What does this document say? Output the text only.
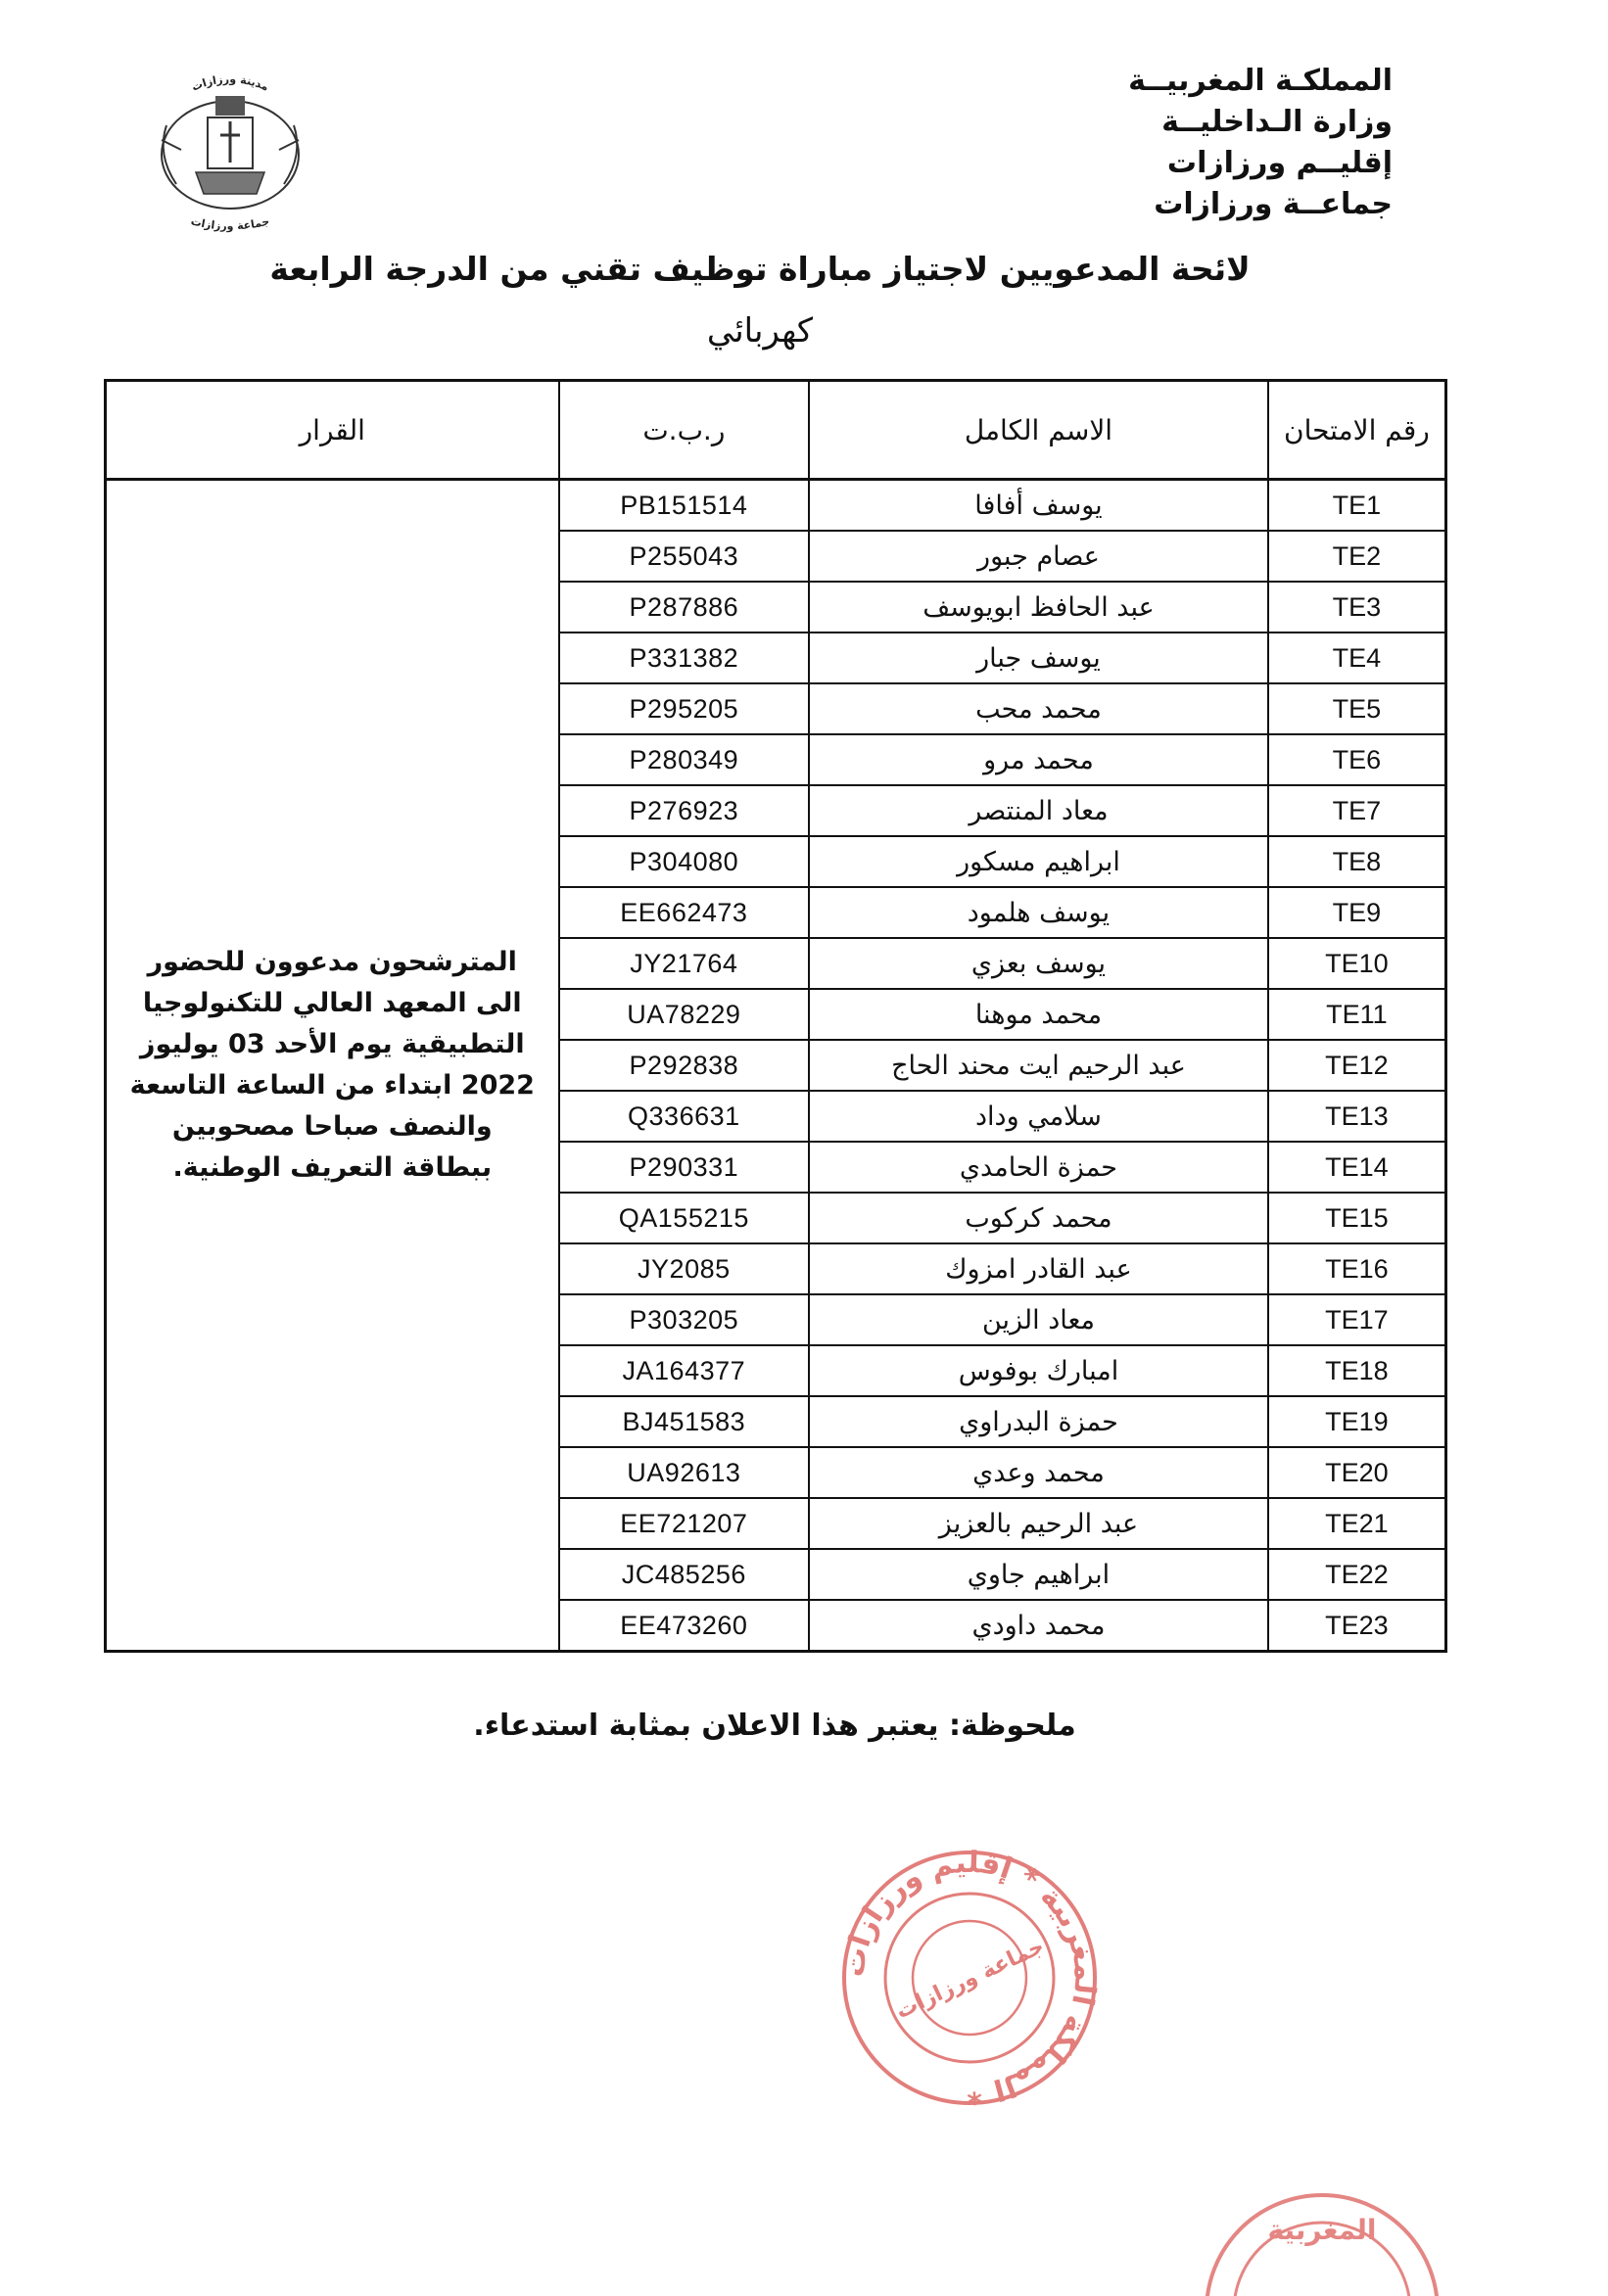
المملكـة المغربيــة
وزارة الـداخليــة
إقليــم ورزازات
جماعــة ورزازات
مدينة ورزازات
جماعة ورزازات
لائحة المدعويين لاجتياز مباراة توظيف تقني من الدرجة الرابعة
كهربائي
رقم الامتحان	الاسم الكامل	ر.ب.ت	القرار
TE1	يوسف أفافا	PB151514	المترشحون مدعوون للحضور الى المعهد العالي للتكنولوجيا التطبيقية يوم الأحد 03 يوليوز 2022 ابتداء من الساعة التاسعة والنصف صباحا مصحوبين ببطاقة التعريف الوطنية.
TE2	عصام جبور	P255043	
TE3	عبد الحافظ ابويوسف	P287886	
TE4	يوسف جبار	P331382	
TE5	محمد محب	P295205	
TE6	محمد مرو	P280349	
TE7	معاد المنتصر	P276923	
TE8	ابراهيم مسكور	P304080	
TE9	يوسف هلمود	EE662473	
TE10	يوسف بعزي	JY21764	
TE11	محمد موهنا	UA78229	
TE12	عبد الرحيم ايت محند الحاج	P292838	
TE13	سلامي وداد	Q336631	
TE14	حمزة الحامدي	P290331	
TE15	محمد كركوب	QA155215	
TE16	عبد القادر امزوك	JY2085	
TE17	معاد الزين	P303205	
TE18	امبارك بوفوس	JA164377	
TE19	حمزة البدراوي	BJ451583	
TE20	محمد وعدي	UA92613	
TE21	عبد الرحيم بالعزيز	EE721207	
TE22	ابراهيم جاوي	JC485256	
TE23	محمد داودي	EE473260	
ملحوظة: يعتبر هذا الاعلان بمثابة استدعاء.
المملكة المغربية * إقليم ورزازات *
جماعة ورزازات
المغربية
